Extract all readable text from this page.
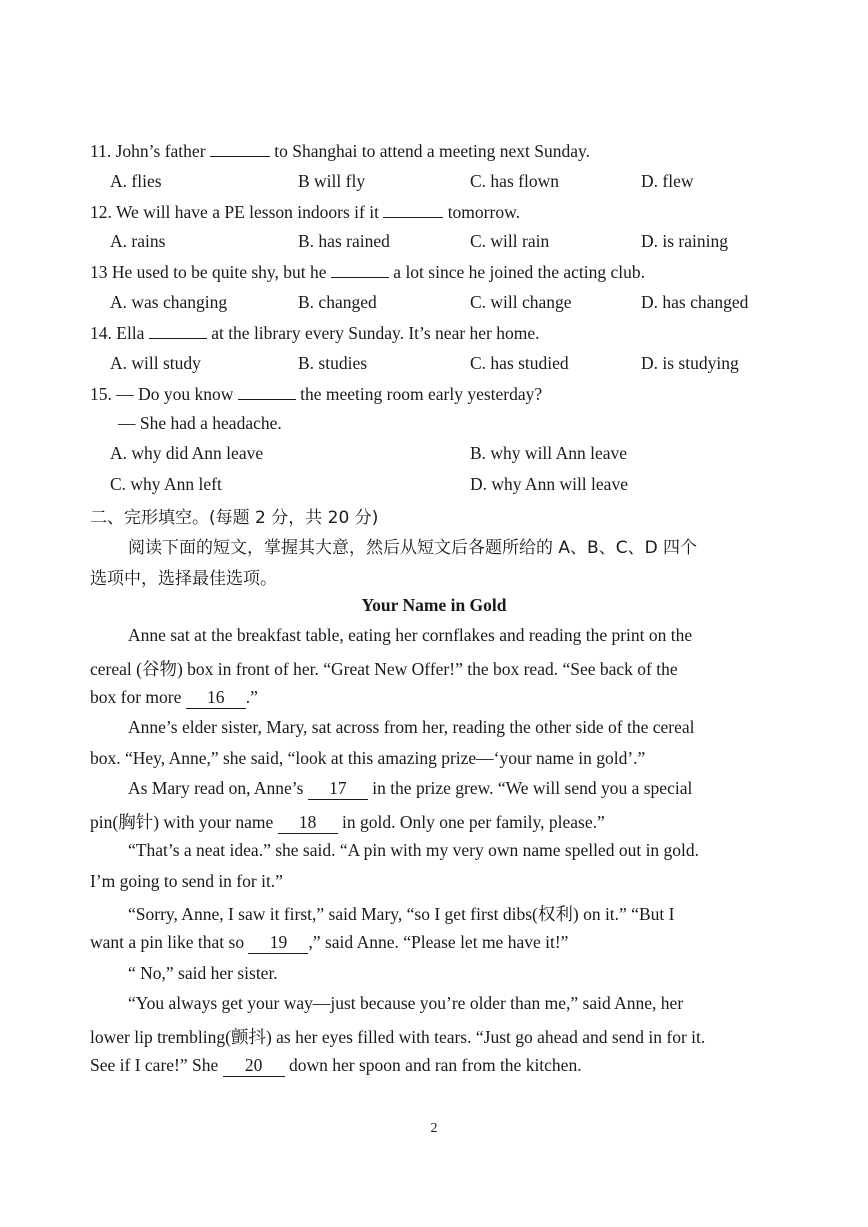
11. John’s father	to Shanghai to attend a meeting next Sunday.
A. flies	B will fly	C. has flown	D. flew
12. We will have a PE lesson indoors if it	tomorrow.
A. rains	B. has rained	C. will rain	D. is raining
13 He used to be quite shy, but he	a lot since he joined the acting club.
A. was changing	B. changed	C. will change	D. has changed
14. Ella	at the library every Sunday. It’s near her home.
A. will study	B. studies	C. has studied	D. is studying
15. — Do you know	the meeting room early yesterday?
— She had a headache.
A. why did Ann leave	B. why will Ann leave
C. why Ann left	D. why Ann will leave
二、完形填空。(每题 2 分，共 20 分)
阅读下面的短文，掌握其大意，然后从短文后各题所给的 A、B、C、D 四个
选项中，选择最佳选项。
Your Name in Gold
Anne sat at the breakfast table, eating her cornflakes and reading the print on the
cereal (谷物) box in front of her. “Great New Offer!” the box read. “See back of the
box for more 16 .”
Anne’s elder sister, Mary, sat across from her, reading the other side of the cereal
box. “Hey, Anne,” she said, “look at this amazing prize—‘your name in gold’.”
As Mary read on, Anne’s 17 in the prize grew. “We will send you a special
pin(胸针) with your name 18 in gold. Only one per family, please.”
“That’s a neat idea.” she said. “A pin with my very own name spelled out in gold.
I’m going to send in for it.”
“Sorry, Anne, I saw it first,” said Mary, “so I get first dibs(权利) on it.” “But I
want a pin like that so 19 ,” said Anne. “Please let me have it!”
“ No,” said her sister.
“You always get your way—just because you’re older than me,” said Anne, her
lower lip trembling(颤抖) as her eyes filled with tears. “Just go ahead and send in for it.
See if I care!” She 20 down her spoon and ran from the kitchen.
2
